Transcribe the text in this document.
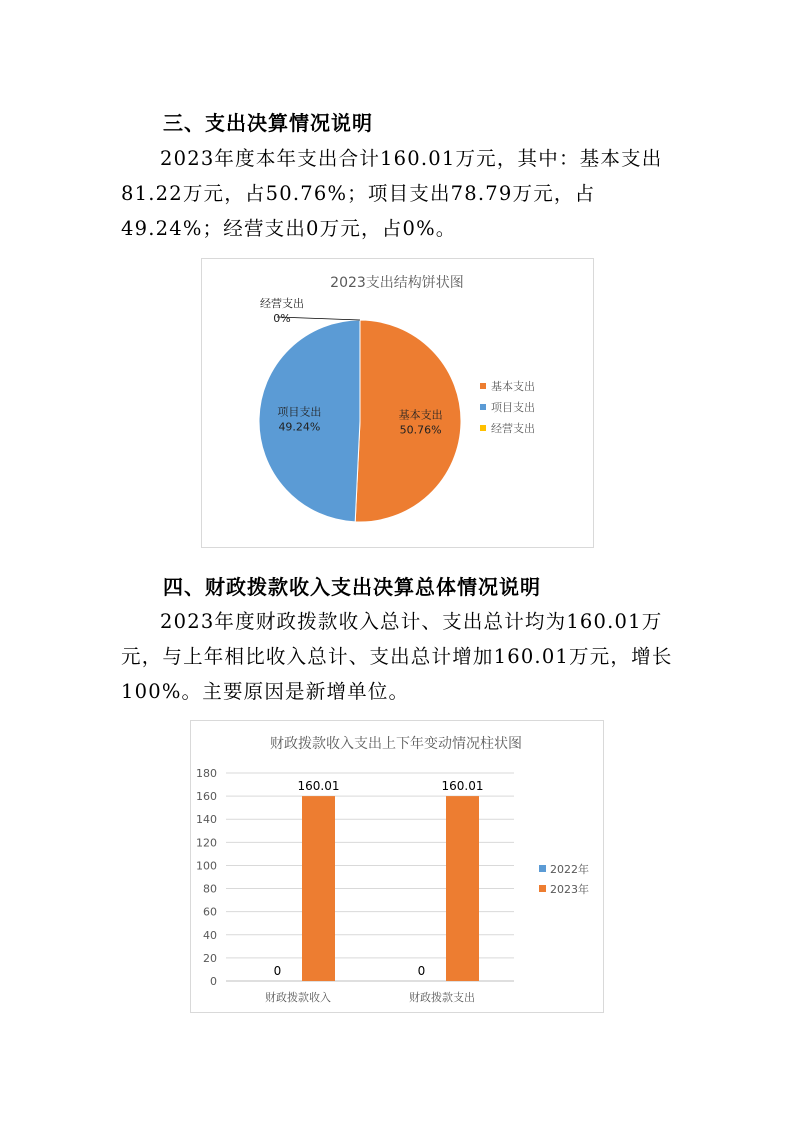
三、支出决算情况说明

2023年度本年支出合计160.01万元，其中：基本支出81.22万元，占50.76%；项目支出78.79万元，占49.24%；经营支出0万元，占0%。

2023支出结构饼状图
基本支出
50.76%
项目支出
49.24%
经营支出
0%
基本支出
项目支出
经营支出
四、财政拨款收入支出决算总体情况说明

2023年度财政拨款收入总计、支出总计均为160.01万元，与上年相比收入总计、支出总计增加160.01万元，增长100%。主要原因是新增单位。

财政拨款收入支出上下年变动情况柱状图
0
20
40
60
80
100
120
140
160
180
财政拨款收入
0
160.01
财政拨款支出
0
160.01
2022年
2023年
